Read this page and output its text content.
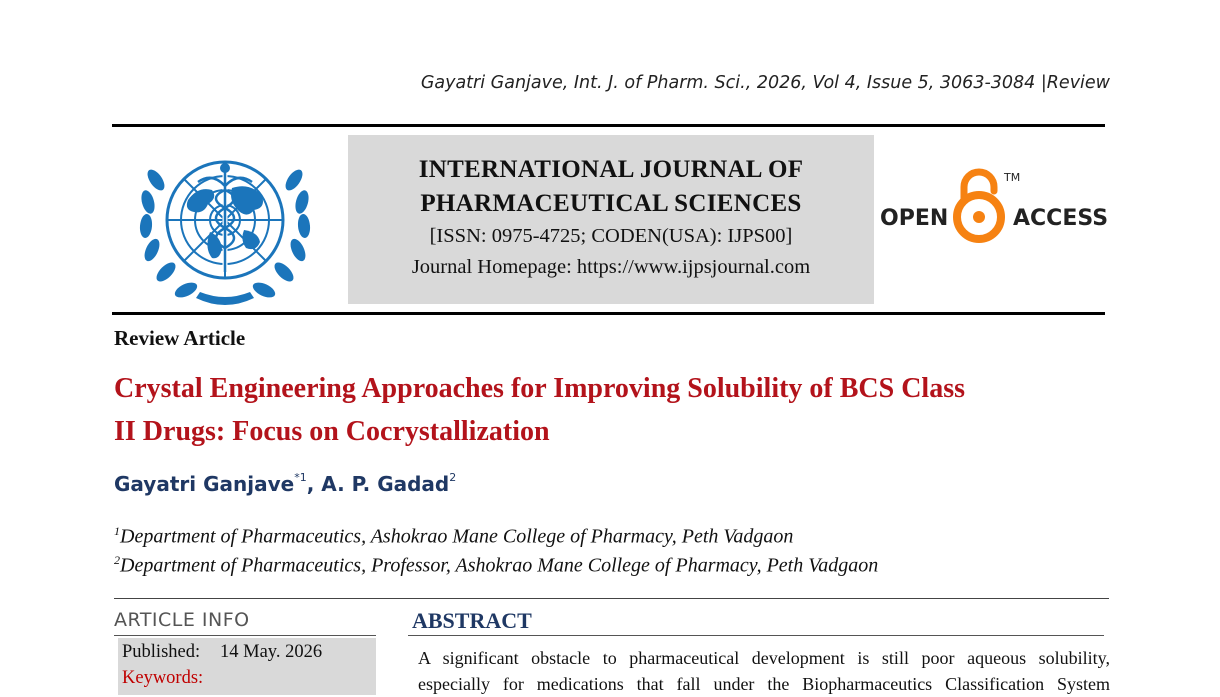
Gayatri Ganjave, Int. J. of Pharm. Sci., 2026, Vol 4, Issue 5, 3063-3084 |Review
INTERNATIONAL JOURNAL OF
PHARMACEUTICAL SCIENCES
[ISSN: 0975-4725; CODEN(USA): IJPS00]
Journal Homepage: https://www.ijpsjournal.com
OPEN
TM
ACCESS
Review Article
Crystal Engineering Approaches for Improving Solubility of BCS Class
II Drugs: Focus on Cocrystallization
Gayatri Ganjave$^{*1}$, A. P. Gadad$^2$
$^1$Department of Pharmaceutics, Ashokrao Mane College of Pharmacy, Peth Vadgaon
$^2$Department of Pharmaceutics, Professor, Ashokrao Mane College of Pharmacy, Peth Vadgaon
ARTICLE INFO
Published: 14 May. 2026
Keywords:
ABSTRACT
A significant obstacle to pharmaceutical development is still poor aqueous solubility,
especially for medications that fall under the Biopharmaceutics Classification System
